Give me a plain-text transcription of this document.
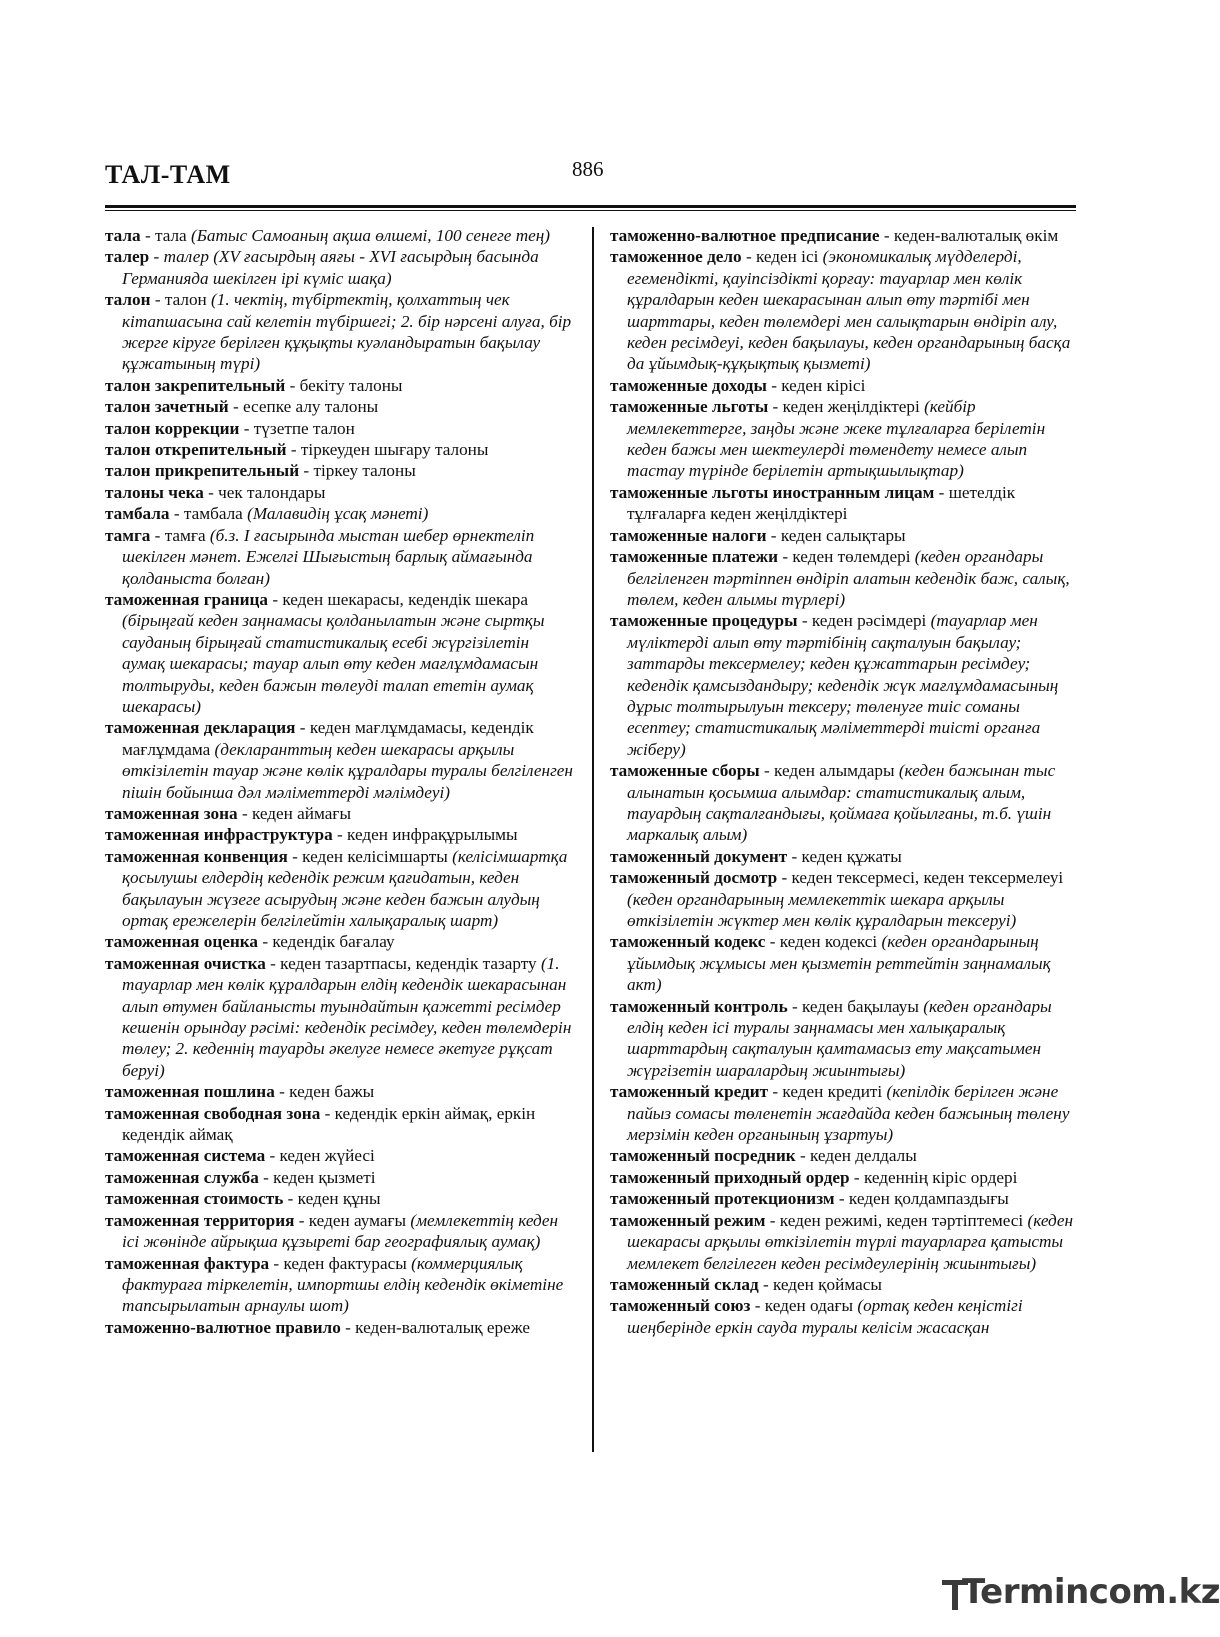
ТАЛ-ТАМ	886

тала - тала (Батыс Самоаның ақша өлшемі, 100 сенеге тең)

талер - талер (XV ғасырдың аяғы - XVI ғасырдың басында Германияда шекілген ірі күміс шақа)

талон - талон (1. чектің, түбіртектің, қолхаттың чек кітапшасына сай келетін түбіршегі; 2. бір нәрсені алуға, бір жерге кіруге берілген құқықты куәландыратын бақылау құжатының түрі)

талон закрепительный - бекіту талоны

талон зачетный - есепке алу талоны

талон коррекции - түзетпе талон

талон открепительный - тіркеуден шығару талоны

талон прикрепительный - тіркеу талоны

талоны чека - чек талондары

тамбала - тамбала (Малавидің ұсақ мәнеті)

тамга - тамға (б.з. I ғасырында мыстан шебер өрнектеліп шекілген мәнет. Ежелгі Шығыстың барлық аймағында қолданыста болған)

таможенная граница - кеден шекарасы, кедендік шекара (бірыңғай кеден заңнамасы қолданылатын және сыртқы сауданың бірыңғай статистикалық есебі жүргізілетін аумақ шекарасы; тауар алып өту кеден мағлұмдамасын толтыруды, кеден бажын төлеуді талап ететін аумақ шекарасы)

таможенная декларация - кеден мағлұмдамасы, кедендік мағлұмдама (декларанттың кеден шекарасы арқылы өткізілетін тауар және көлік құралдары туралы белгіленген пішін бойынша дәл мәліметтерді мәлімдеуі)

таможенная зона - кеден аймағы

таможенная инфраструктура - кеден инфрақұрылымы

таможенная конвенция - кеден келісімшарты (келісімшартқа қосылушы елдердің кедендік режим қағидатын, кеден бақылауын жүзеге асырудың және кеден бажын алудың ортақ ережелерін белгілейтін халықаралық шарт)

таможенная оценка - кедендік бағалау

таможенная очистка - кеден тазартпасы, кедендік тазарту (1. тауарлар мен көлік құралдарын елдің кедендік шекарасынан алып өтумен байланысты туындайтын қажетті ресімдер кешенін орындау рәсімі: кедендік ресімдеу, кеден төлемдерін төлеу; 2. кеденнің тауарды әкелуге немесе әкетуге рұқсат беруі)

таможенная пошлина - кеден бажы

таможенная свободная зона - кедендік еркін аймақ, еркін кедендік аймақ

таможенная система - кеден жүйесі

таможенная служба - кеден қызметі

таможенная стоимость - кеден құны

таможенная территория - кеден аумағы (мемлекеттің кеден ісі жөнінде айрықша құзыреті бар географиялық аумақ)

таможенная фактура - кеден фактурасы (коммерциялық фактураға тіркелетін, импортшы елдің кедендік өкіметіне тапсырылатын арнаулы шот)

таможенно-валютное правило - кеден-валюталық ереже

таможенно-валютное предписание - кеден-валюталық өкім

таможенное дело - кеден ісі (экономикалық мүдделерді, егемендікті, қауіпсіздікті қорғау: тауарлар мен көлік құралдарын кеден шекарасынан алып өту тәртібі мен шарттары, кеден төлемдері мен салықтарын өндіріп алу, кеден ресімдеуі, кеден бақылауы, кеден органдарының басқа да ұйымдық-құқықтық қызметі)

таможенные доходы - кеден кірісі

таможенные льготы - кеден жеңілдіктері (кейбір мемлекеттерге, заңды және жеке тұлғаларға берілетін кеден бажы мен шектеулерді төмендету немесе алып тастау түрінде берілетін артықшылықтар)

таможенные льготы иностранным лицам - шетелдік тұлғаларға кеден жеңілдіктері

таможенные налоги - кеден салықтары

таможенные платежи - кеден төлемдері (кеден органдары белгіленген тәртіппен өндіріп алатын кедендік баж, салық, төлем, кеден алымы түрлері)

таможенные процедуры - кеден рәсімдері (тауарлар мен мүліктерді алып өту тәртібінің сақталуын бақылау; заттарды тексермелеу; кеден құжаттарын ресімдеу; кедендік қамсыздандыру; кедендік жүк мағлұмдамасының дұрыс толтырылуын тексеру; төленуге тиіс соманы есептеу; статистикалық мәліметтерді тиісті органға жіберу)

таможенные сборы - кеден алымдары (кеден бажынан тыс алынатын қосымша алымдар: статистикалық алым, тауардың сақталғандығы, қоймаға қойылғаны, т.б. үшін маркалық алым)

таможенный документ - кеден құжаты

таможенный досмотр - кеден тексермесі, кеден тексермелеуі (кеден органдарының мемлекеттік шекара арқылы өткізілетін жүктер мен көлік құралдарын тексеруі)

таможенный кодекс - кеден кодексі (кеден органдарының ұйымдық жұмысы мен қызметін реттейтін заңнамалық акт)

таможенный контроль - кеден бақылауы (кеден органдары елдің кеден ісі туралы заңнамасы мен халықаралық шарттардың сақталуын қамтамасыз ету мақсатымен жүргізетін шаралардың жиынтығы)

таможенный кредит - кеден кредиті (кепілдік берілген және пайыз сомасы төленетін жағдайда кеден бажының төлену мерзімін кеден органының ұзартуы)

таможенный посредник - кеден делдалы

таможенный приходный ордер - кеденнің кіріс ордері

таможенный протекционизм - кеден қолдампаздығы

таможенный режим - кеден режимі, кеден тәртіптемесі (кеден шекарасы арқылы өткізілетін түрлі тауарларға қатысты мемлекет белгілеген кеден ресімдеулерінің жиынтығы)

таможенный склад - кеден қоймасы

таможенный союз - кеден одағы (ортақ кеден кеңістігі шеңберінде еркін сауда туралы келісім жасасқан

Termincom.kz
